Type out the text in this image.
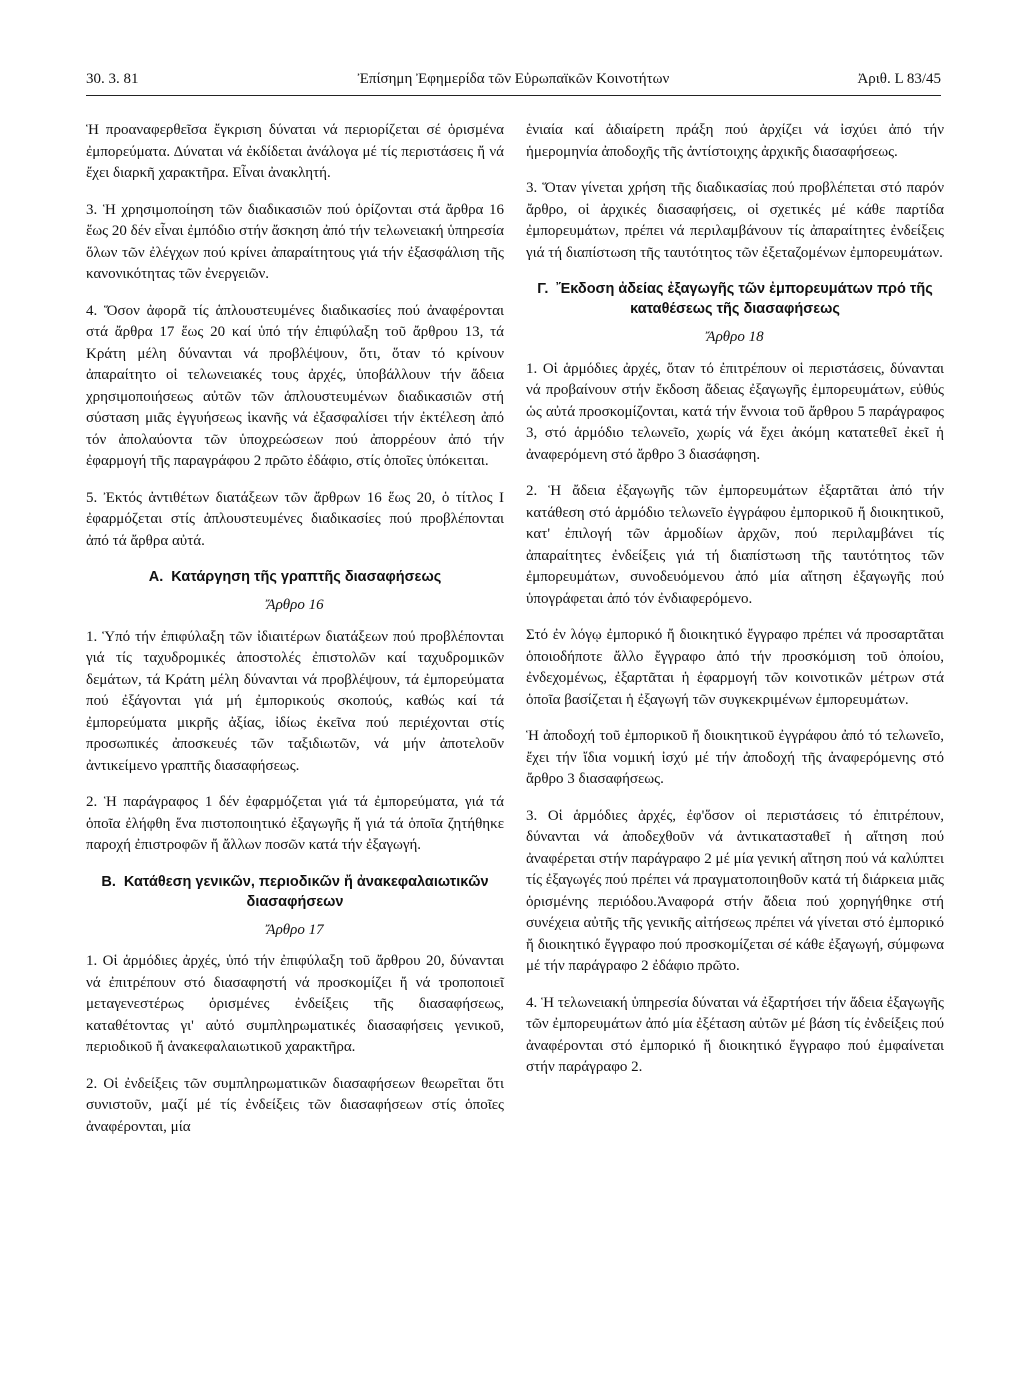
30. 3. 81	Ἐπίσημη Ἐφημερίδα τῶν Εὐρωπαϊκῶν Κοινοτήτων	Ἀριθ. L 83/45

Ἡ προαναφερθεῖσα ἔγκριση δύναται νά περιορίζεται σέ ὁρισμένα ἐμπορεύματα. Δύναται νά ἐκδίδεται ἀνάλογα μέ τίς περιστάσεις ἤ νά ἔχει διαρκῆ χαρακτῆρα. Εἶναι ἀνακλητή.

3. Ἡ χρησιμοποίηση τῶν διαδικασιῶν πού ὁρίζονται στά ἄρθρα 16 ἕως 20 δέν εἶναι ἐμπόδιο στήν ἄσκηση ἀπό τήν τελωνειακή ὑπηρεσία ὅλων τῶν ἐλέγχων πού κρίνει ἀπαραίτητους γιά τήν ἐξασφάλιση τῆς κανονικότητας τῶν ἐνεργειῶν.

4. Ὅσον ἀφορᾶ τίς ἁπλουστευμένες διαδικασίες πού ἀναφέρονται στά ἄρθρα 17 ἕως 20 καί ὑπό τήν ἐπιφύλαξη τοῦ ἄρθρου 13, τά Κράτη μέλη δύνανται νά προβλέψουν, ὅτι, ὅταν τό κρίνουν ἀπαραίτητο οἱ τελωνειακές τους ἀρχές, ὑποβάλλουν τήν ἄδεια χρησιμοποιήσεως αὐτῶν τῶν ἁπλουστευμένων διαδικασιῶν στή σύσταση μιᾶς ἐγγυήσεως ἱκανῆς νά ἐξασφαλίσει τήν ἐκτέλεση ἀπό τόν ἀπολαύοντα τῶν ὑποχρεώσεων πού ἀπορρέουν ἀπό τήν ἐφαρμογή τῆς παραγράφου 2 πρῶτο ἐδάφιο, στίς ὁποῖες ὑπόκειται.

5. Ἐκτός ἀντιθέτων διατάξεων τῶν ἄρθρων 16 ἕως 20, ὁ τίτλος I ἐφαρμόζεται στίς ἁπλουστευμένες διαδικασίες πού προβλέπονται ἀπό τά ἄρθρα αὐτά.

A. Κατάργηση τῆς γραπτῆς διασαφήσεως
Ἄρθρο 16

1. Ὑπό τήν ἐπιφύλαξη τῶν ἰδιαιτέρων διατάξεων πού προβλέπονται γιά τίς ταχυδρομικές ἀποστολές ἐπιστολῶν καί ταχυδρομικῶν δεμάτων, τά Κράτη μέλη δύνανται νά προβλέψουν, τά ἐμπορεύματα πού ἐξάγονται γιά μή ἐμπορικούς σκοπούς, καθώς καί τά ἐμπορεύματα μικρῆς ἀξίας, ἰδίως ἐκεῖνα πού περιέχονται στίς προσωπικές ἀποσκευές τῶν ταξιδιωτῶν, νά μήν ἀποτελοῦν ἀντικείμενο γραπτῆς διασαφήσεως.

2. Ἡ παράγραφος 1 δέν ἐφαρμόζεται γιά τά ἐμπορεύματα, γιά τά ὁποῖα ἐλήφθη ἕνα πιστοποιητικό ἐξαγωγῆς ἤ γιά τά ὁποῖα ζητήθηκε παροχή ἐπιστροφῶν ἤ ἄλλων ποσῶν κατά τήν ἐξαγωγή.

B. Κατάθεση γενικῶν, περιοδικῶν ἤ ἀνακεφαλαιωτικῶν διασαφήσεων
Ἄρθρο 17

1. Οἱ ἁρμόδιες ἀρχές, ὑπό τήν ἐπιφύλαξη τοῦ ἄρθρου 20, δύνανται νά ἐπιτρέπουν στό διασαφηστή νά προσκομίζει ἤ νά τροποποιεῖ μεταγενεστέρως ὁρισμένες ἐνδείξεις τῆς διασαφήσεως, καταθέτοντας γι' αὐτό συμπληρωματικές διασαφήσεις γενικοῦ, περιοδικοῦ ἤ ἀνακεφαλαιωτικοῦ χαρακτῆρα.

2. Οἱ ἐνδείξεις τῶν συμπληρωματικῶν διασαφήσεων θεωρεῖται ὅτι συνιστοῦν, μαζί μέ τίς ἐνδείξεις τῶν διασαφήσεων στίς ὁποῖες ἀναφέρονται, μία

ἑνιαία καί ἀδιαίρετη πράξη πού ἀρχίζει νά ἰσχύει ἀπό τήν ἡμερομηνία ἀποδοχῆς τῆς ἀντίστοιχης ἀρχικῆς διασαφήσεως.

3. Ὅταν γίνεται χρήση τῆς διαδικασίας πού προβλέπεται στό παρόν ἄρθρο, οἱ ἀρχικές διασαφήσεις, οἱ σχετικές μέ κάθε παρτίδα ἐμπορευμάτων, πρέπει νά περιλαμβάνουν τίς ἀπαραίτητες ἐνδείξεις γιά τή διαπίστωση τῆς ταυτότητος τῶν ἐξεταζομένων ἐμπορευμάτων.

Γ. Ἔκδοση ἀδείας ἐξαγωγῆς τῶν ἐμπορευμάτων πρό τῆς καταθέσεως τῆς διασαφήσεως
Ἄρθρο 18

1. Οἱ ἁρμόδιες ἀρχές, ὅταν τό ἐπιτρέπουν οἱ περιστάσεις, δύνανται νά προβαίνουν στήν ἔκδοση ἄδειας ἐξαγωγῆς ἐμπορευμάτων, εὐθύς ὡς αὐτά προσκομίζονται, κατά τήν ἔννοια τοῦ ἄρθρου 5 παράγραφος 3, στό ἁρμόδιο τελωνεῖο, χωρίς νά ἔχει ἀκόμη κατατεθεῖ ἐκεῖ ἡ ἀναφερόμενη στό ἄρθρο 3 διασάφηση.

2. Ἡ ἄδεια ἐξαγωγῆς τῶν ἐμπορευμάτων ἐξαρτᾶται ἀπό τήν κατάθεση στό ἁρμόδιο τελωνεῖο ἐγγράφου ἐμπορικοῦ ἤ διοικητικοῦ, κατ' ἐπιλογή τῶν ἁρμοδίων ἀρχῶν, πού περιλαμβάνει τίς ἀπαραίτητες ἐνδείξεις γιά τή διαπίστωση τῆς ταυτότητος τῶν ἐμπορευμάτων, συνοδευόμενου ἀπό μία αἴτηση ἐξαγωγῆς πού ὑπογράφεται ἀπό τόν ἐνδιαφερόμενο.

Στό ἐν λόγῳ ἐμπορικό ἤ διοικητικό ἔγγραφο πρέπει νά προσαρτᾶται ὁποιοδήποτε ἄλλο ἔγγραφο ἀπό τήν προσκόμιση τοῦ ὁποίου, ἐνδεχομένως, ἐξαρτᾶται ἡ ἐφαρμογή τῶν κοινοτικῶν μέτρων στά ὁποῖα βασίζεται ἡ ἐξαγωγή τῶν συγκεκριμένων ἐμπορευμάτων.

Ἡ ἀποδοχή τοῦ ἐμπορικοῦ ἤ διοικητικοῦ ἐγγράφου ἀπό τό τελωνεῖο, ἔχει τήν ἴδια νομική ἰσχύ μέ τήν ἀποδοχή τῆς ἀναφερόμενης στό ἄρθρο 3 διασαφήσεως.

3. Οἱ ἁρμόδιες ἀρχές, ἐφ'ὅσον οἱ περιστάσεις τό ἐπιτρέπουν, δύνανται νά ἀποδεχθοῦν νά ἀντικατασταθεῖ ἡ αἴτηση πού ἀναφέρεται στήν παράγραφο 2 μέ μία γενική αἴτηση πού νά καλύπτει τίς ἐξαγωγές πού πρέπει νά πραγματοποιηθοῦν κατά τή διάρκεια μιᾶς ὁρισμένης περιόδου.Ἀναφορά στήν ἄδεια πού χορηγήθηκε στή συνέχεια αὐτῆς τῆς γενικῆς αἰτήσεως πρέπει νά γίνεται στό ἐμπορικό ἤ διοικητικό ἔγγραφο πού προσκομίζεται σέ κάθε ἐξαγωγή, σύμφωνα μέ τήν παράγραφο 2 ἐδάφιο πρῶτο.

4. Ἡ τελωνειακή ὑπηρεσία δύναται νά ἐξαρτήσει τήν ἄδεια ἐξαγωγῆς τῶν ἐμπορευμάτων ἀπό μία ἐξέταση αὐτῶν μέ βάση τίς ἐνδείξεις πού ἀναφέρονται στό ἐμπορικό ἤ διοικητικό ἔγγραφο πού ἐμφαίνεται στήν παράγραφο 2.
